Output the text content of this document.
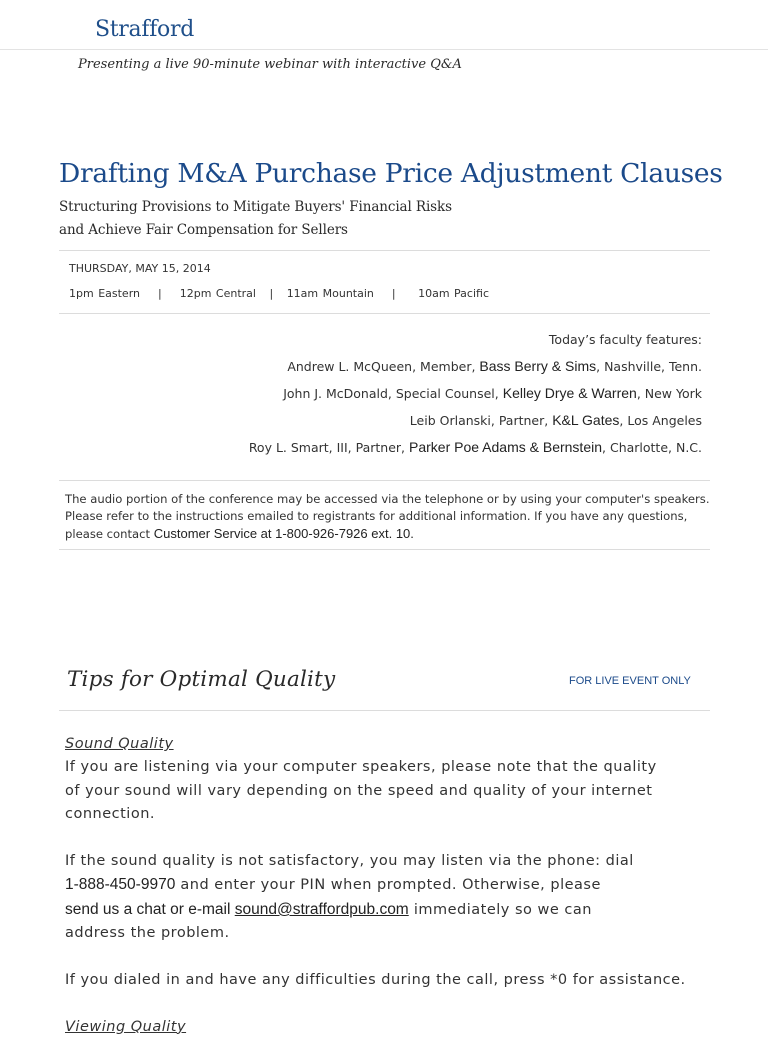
Strafford
Presenting a live 90-minute webinar with interactive Q&A
Drafting M&A Purchase Price Adjustment Clauses
Structuring Provisions to Mitigate Buyers' Financial Risks
and Achieve Fair Compensation for Sellers
THURSDAY, MAY 15, 2014
1pm Eastern | 12pm Central | 11am Mountain | 10am Pacific
Today’s faculty features:
Andrew L. McQueen, Member, Bass Berry & Sims, Nashville, Tenn.
John J. McDonald, Special Counsel, Kelley Drye & Warren, New York
Leib Orlanski, Partner, K&L Gates, Los Angeles
Roy L. Smart, III, Partner, Parker Poe Adams & Bernstein, Charlotte, N.C.
The audio portion of the conference may be accessed via the telephone or by using your computer's speakers. Please refer to the instructions emailed to registrants for additional information. If you have any questions, please contact Customer Service at 1-800-926-7926 ext. 10.
Tips for Optimal Quality	FOR LIVE EVENT ONLY

Sound Quality

If you are listening via your computer speakers, please note that the quality

of your sound will vary depending on the speed and quality of your internet

connection.

If the sound quality is not satisfactory, you may listen via the phone: dial

1-888-450-9970 and enter your PIN when prompted. Otherwise, please

send us a chat or e-mail sound@straffordpub.com immediately so we can

address the problem.

If you dialed in and have any difficulties during the call, press *0 for assistance.

Viewing Quality
